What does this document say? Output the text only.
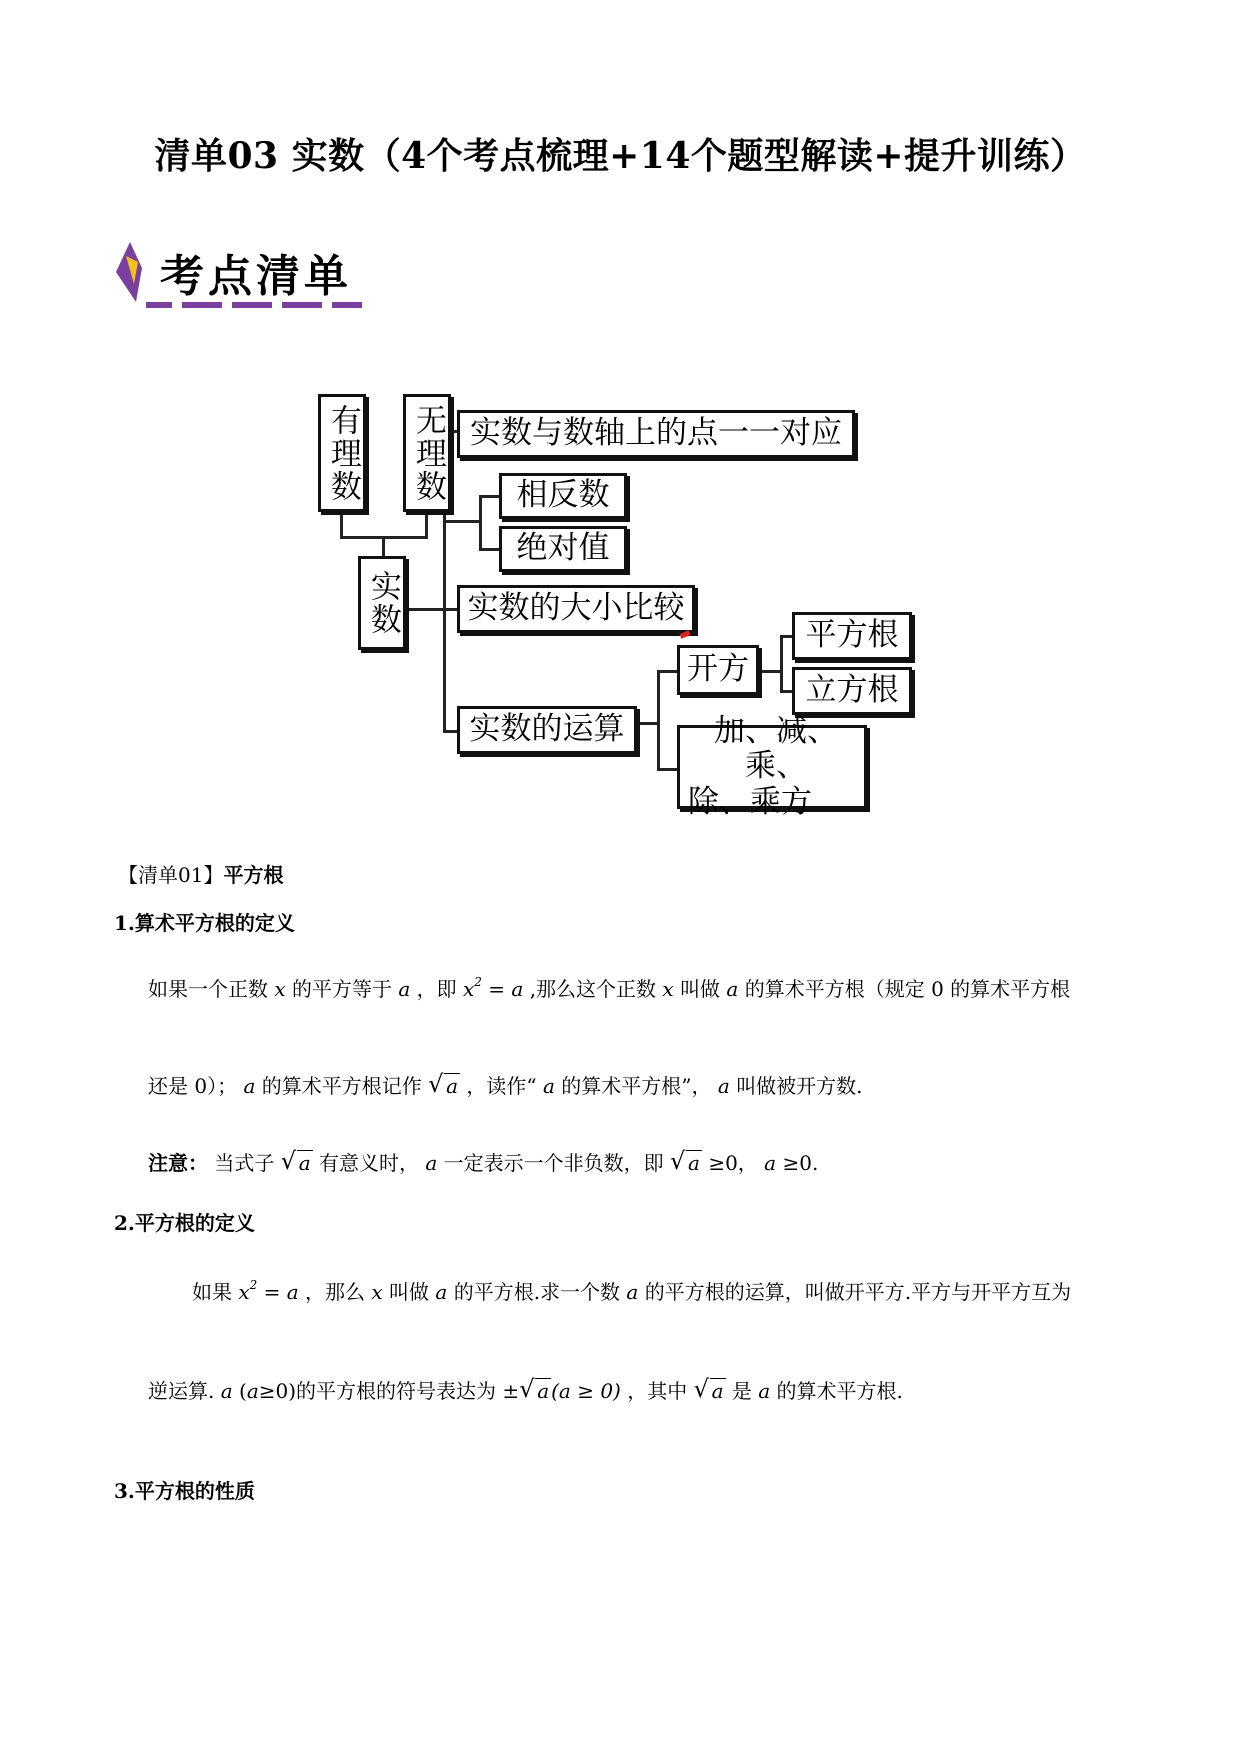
清单03 实数（4个考点梳理+14个题型解读+提升训练）
考点清单
有理数 无理数
实数
实数与数轴上的点一一对应
相反数
绝对值
实数的大小比较
实数的运算
开方
平方根
立方根
加、减、乘、
除、乘方
【清单01】平方根
1.算术平方根的定义
如果一个正数 x 的平方等于 a ，即 $x^2 = a$ ,那么这个正数 x 叫做 a 的算术平方根（规定 0 的算术平方根
还是 0）； a 的算术平方根记作 √ a ，读作“ a 的算术平方根”， a 叫做被开方数.
注意： 当式子 √ a 有意义时， a 一定表示一个非负数，即 √ a ≥0， a ≥0.
2.平方根的定义
如果 $x^2 = a$ ，那么 x 叫做 a 的平方根.求一个数 a 的平方根的运算，叫做开平方.平方与开平方互为
逆运算. a (a≥0)的平方根的符号表达为 ± √ a (a ≥ 0) ，其中 √ a 是 a 的算术平方根.
3.平方根的性质
